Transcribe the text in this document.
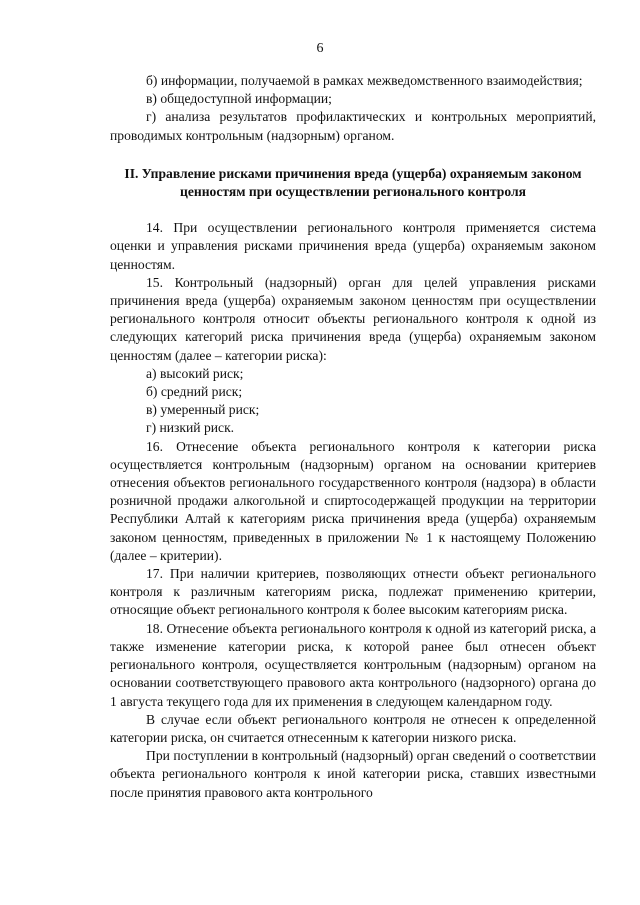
6

б) информации, получаемой в рамках межведомственного взаимодействия;

в) общедоступной информации;

г) анализа результатов профилактических и контрольных мероприятий, проводимых контрольным (надзорным) органом.

II. Управление рисками причинения вреда (ущерба) охраняемым законом ценностям при осуществлении регионального контроля

14. При осуществлении регионального контроля применяется система оценки и управления рисками причинения вреда (ущерба) охраняемым законом ценностям.

15. Контрольный (надзорный) орган для целей управления рисками причинения вреда (ущерба) охраняемым законом ценностям при осуществлении регионального контроля относит объекты регионального контроля к одной из следующих категорий риска причинения вреда (ущерба) охраняемым законом ценностям (далее – категории риска):

а) высокий риск;

б) средний риск;

в) умеренный риск;

г) низкий риск.

16. Отнесение объекта регионального контроля к категории риска осуществляется контрольным (надзорным) органом на основании критериев отнесения объектов регионального государственного контроля (надзора) в области розничной продажи алкогольной и спиртосодержащей продукции на территории Республики Алтай к категориям риска причинения вреда (ущерба) охраняемым законом ценностям, приведенных в приложении № 1 к настоящему Положению (далее – критерии).

17. При наличии критериев, позволяющих отнести объект регионального контроля к различным категориям риска, подлежат применению критерии, относящие объект регионального контроля к более высоким категориям риска.

18. Отнесение объекта регионального контроля к одной из категорий риска, а также изменение категории риска, к которой ранее был отнесен объект регионального контроля, осуществляется контрольным (надзорным) органом на основании соответствующего правового акта контрольного (надзорного) органа до 1 августа текущего года для их применения в следующем календарном году.

В случае если объект регионального контроля не отнесен к определенной категории риска, он считается отнесенным к категории низкого риска.

При поступлении в контрольный (надзорный) орган сведений о соответствии объекта регионального контроля к иной категории риска, ставших известными после принятия правового акта контрольного
